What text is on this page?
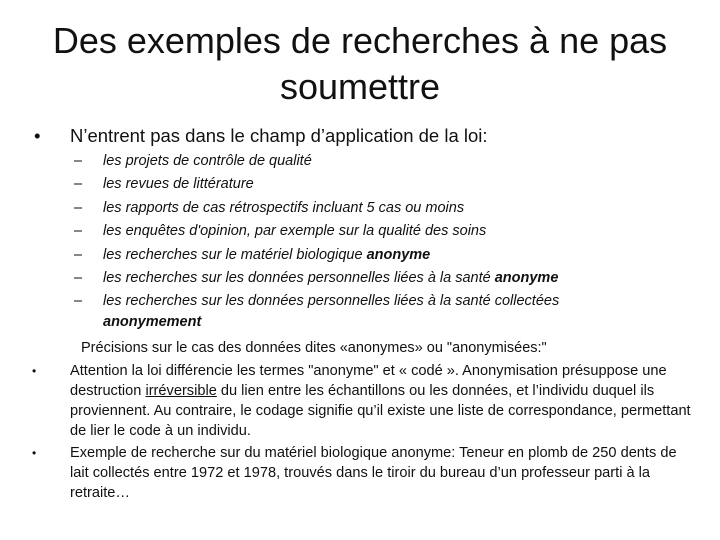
Des exemples de recherches à ne pas
soumettre
• N’entrent pas dans le champ d’application de la loi:
– les projets de contrôle de qualité
– les revues de littérature
– les rapports de cas rétrospectifs incluant 5 cas ou moins
– les enquêtes d'opinion, par exemple sur la qualité des soins
– les recherches sur le matériel biologique anonyme
– les recherches sur les données personnelles liées à la santé anonyme
– les recherches sur les données personnelles liées à la santé collectées
anonymement
Précisions sur le cas des données dites «anonymes» ou "anonymisées:"
• Attention la loi différencie les termes "anonyme" et « codé ». Anonymisation présuppose une destruction irréversible du lien entre les échantillons ou les données, et l’individu duquel ils proviennent. Au contraire, le codage signifie qu’il existe une liste de correspondance, permettant de lier le code à un individu.
• Exemple de recherche sur du matériel biologique anonyme: Teneur en plomb de 250 dents de lait collectés entre 1972 et 1978, trouvés dans le tiroir du bureau d’un professeur parti à la retraite…
